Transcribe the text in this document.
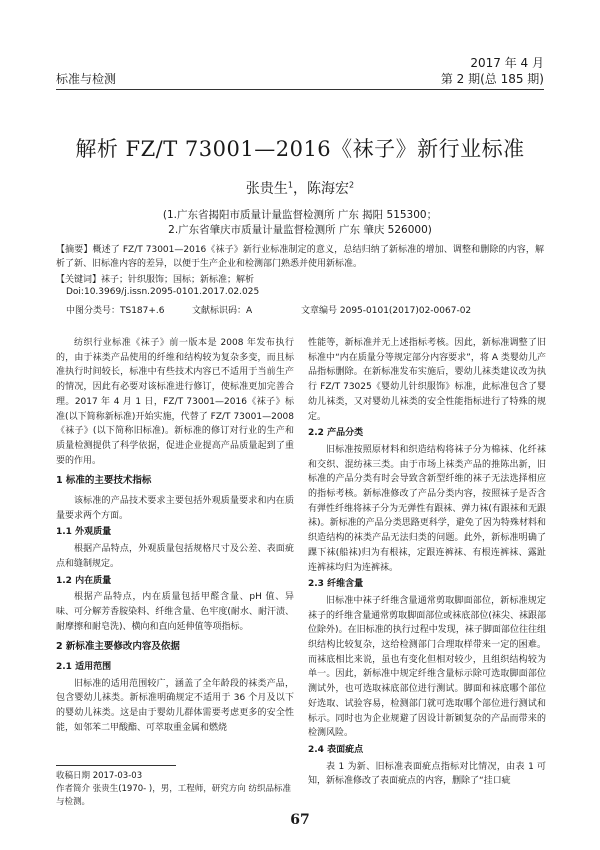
2017 年 4 月
标准与检测	第 2 期(总 185 期)
解析 FZ/T 73001—2016《袜子》新行业标准
张贵生$^1$，陈海宏$^2$
(1.广东省揭阳市质量计量监督检测所 广东 揭阳 515300；
2.广东省肇庆市质量计量监督检测所 广东 肇庆 526000)
【摘要】概述了 FZ/T 73001—2016《袜子》新行业标准制定的意义，总结归纳了新标准的增加、调整和删除的内容，解析了新、旧标准内容的差异，以便于生产企业和检测部门熟悉并使用新标准。
【关键词】袜子；针织服饰；国标；新标准；解析
Doi:10.3969/j.issn.2095-0101.2017.02.025
中图分类号：TS187+.6	文献标识码：A	文章编号 2095-0101(2017)02-0067-02

纺织行业标准《袜子》前一版本是 2008 年发布执行的，由于袜类产品使用的纤维和结构较为复杂多变，而且标准执行时间较长，标准中有些技术内容已不适用于当前生产的情况，因此有必要对该标准进行修订，使标准更加完善合理。2017 年 4 月 1 日，FZ/T 73001—2016《袜子》标准(以下简称新标准)开始实施，代替了 FZ/T 73001—2008《袜子》(以下简称旧标准)。新标准的修订对行业的生产和质量检测提供了科学依据，促进企业提高产品质量起到了重要的作用。

1 标准的主要技术指标

该标准的产品技术要求主要包括外观质量要求和内在质量要求两个方面。

1.1 外观质量

根据产品特点，外观质量包括规格尺寸及公差、表面疵点和缝制规定。

1.2 内在质量

根据产品特点，内在质量包括甲醛含量、pH 值、异味、可分解芳香胺染料、纤维含量、色牢度(耐水、耐汗渍、耐摩擦和耐皂洗)、横向和直向延伸值等项指标。

2 新标准主要修改内容及依据
2.1 适用范围

旧标准的适用范围较广，涵盖了全年龄段的袜类产品，包含婴幼儿袜类。新标准明确规定不适用于 36 个月及以下的婴幼儿袜类。这是由于婴幼儿群体需要考虑更多的安全性能，如邻苯二甲酸酯、可萃取重金属和燃烧

性能等，新标准并无上述指标考核。因此，新标准调整了旧标准中“内在质量分等规定部分内容要求”，将 A 类婴幼儿产品指标删除。在新标准发布实施后，婴幼儿袜类建议改为执行 FZ/T 73025《婴幼儿针织服饰》标准，此标准包含了婴幼儿袜类，又对婴幼儿袜类的安全性能指标进行了特殊的规定。

2.2 产品分类

旧标准按照原材料和织造结构将袜子分为棉袜、化纤袜和交织、混纺袜三类。由于市场上袜类产品的推陈出新，旧标准的产品分类有时会导致含新型纤维的袜子无法选择相应的指标考核。新标准修改了产品分类内容，按照袜子是否含有弹性纤维将袜子分为无弹性有跟袜、弹力袜(有跟袜和无跟袜)。新标准的产品分类思路更科学，避免了因为特殊材料和织造结构的袜类产品无法归类的问题。此外，新标准明确了踝下袜(船袜)归为有根袜，定跟连裤袜、有根连裤袜、露趾连裤袜均归为连裤袜。

2.3 纤维含量

旧标准中袜子纤维含量通常剪取脚面部位，新标准规定袜子的纤维含量通常剪取脚面部位或袜底部位(袜尖、袜跟部位除外)。在旧标准的执行过程中发现，袜子脚面部位往往组织结构比较复杂，这给检测部门合理取样带来一定的困难。而袜底相比来说，虽也有变化但相对较少，且组织结构较为单一。因此，新标准中规定纤维含量标示除可选取脚面部位测试外，也可选取袜底部位进行测试。脚面和袜底哪个部位好选取、试验容易，检测部门就可选取哪个部位进行测试和标示。同时也为企业规避了因设计新颖复杂的产品而带来的检测风险。

2.4 表面疵点

表 1 为新、旧标准表面疵点指标对比情况，由表 1 可知，新标准修改了表面疵点的内容，删除了“挂口疵

收稿日期 2017-03-03
作者简介 张贵生(1970- )，男，工程师，研究方向 纺织品标准与检测。
67
